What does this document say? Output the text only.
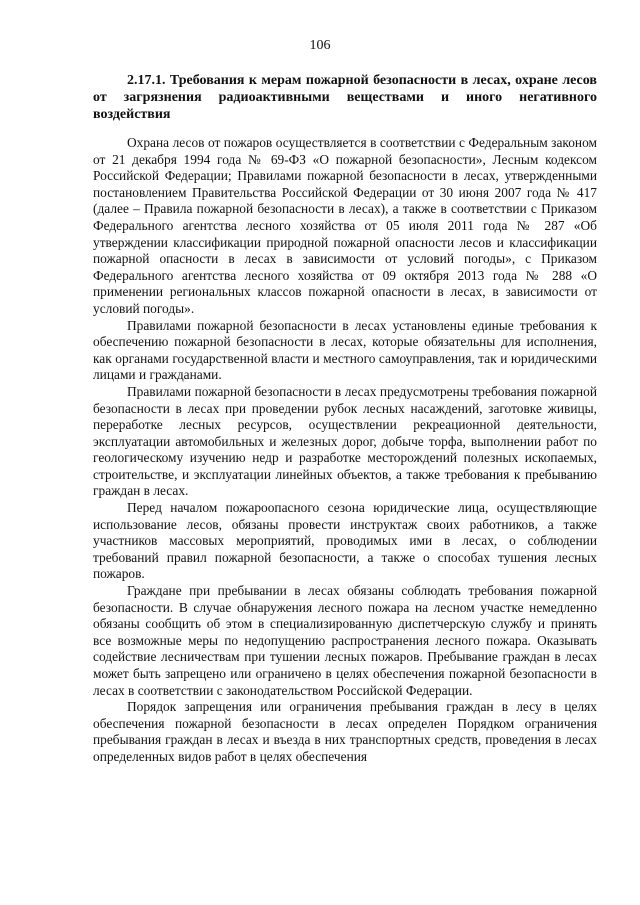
106

2.17.1. Требования к мерам пожарной безопасности в лесах, охране лесов от загрязнения радиоактивными веществами и иного негативного воздействия

Охрана лесов от пожаров осуществляется в соответствии с Федеральным законом от 21 декабря 1994 года № 69-ФЗ «О пожарной безопасности», Лесным кодексом Российской Федерации; Правилами пожарной безопасности в лесах, утвержденными постановлением Правительства Российской Федерации от 30 июня 2007 года № 417 (далее – Правила пожарной безопасности в лесах), а также в соответствии с Приказом Федерального агентства лесного хозяйства от 05 июля 2011 года № 287 «Об утверждении классификации природной пожарной опасности лесов и классификации пожарной опасности в лесах в зависимости от условий погоды», с Приказом Федерального агентства лесного хозяйства от 09 октября 2013 года № 288 «О применении региональных классов пожарной опасности в лесах, в зависимости от условий погоды».

Правилами пожарной безопасности в лесах установлены единые требования к обеспечению пожарной безопасности в лесах, которые обязательны для исполнения, как органами государственной власти и местного самоуправления, так и юридическими лицами и гражданами.

Правилами пожарной безопасности в лесах предусмотрены требования пожарной безопасности в лесах при проведении рубок лесных насаждений, заготовке живицы, переработке лесных ресурсов, осуществлении рекреационной деятельности, эксплуатации автомобильных и железных дорог, добыче торфа, выполнении работ по геологическому изучению недр и разработке месторождений полезных ископаемых, строительстве, и эксплуатации линейных объектов, а также требования к пребыванию граждан в лесах.

Перед началом пожароопасного сезона юридические лица, осуществляющие использование лесов, обязаны провести инструктаж своих работников, а также участников массовых мероприятий, проводимых ими в лесах, о соблюдении требований правил пожарной безопасности, а также о способах тушения лесных пожаров.

Граждане при пребывании в лесах обязаны соблюдать требования пожарной безопасности. В случае обнаружения лесного пожара на лесном участке немедленно обязаны сообщить об этом в специализированную диспетчерскую службу и принять все возможные меры по недопущению распространения лесного пожара. Оказывать содействие лесничествам при тушении лесных пожаров. Пребывание граждан в лесах может быть запрещено или ограничено в целях обеспечения пожарной безопасности в лесах в соответствии с законодательством Российской Федерации.

Порядок запрещения или ограничения пребывания граждан в лесу в целях обеспечения пожарной безопасности в лесах определен Порядком ограничения пребывания граждан в лесах и въезда в них транспортных средств, проведения в лесах определенных видов работ в целях обеспечения
